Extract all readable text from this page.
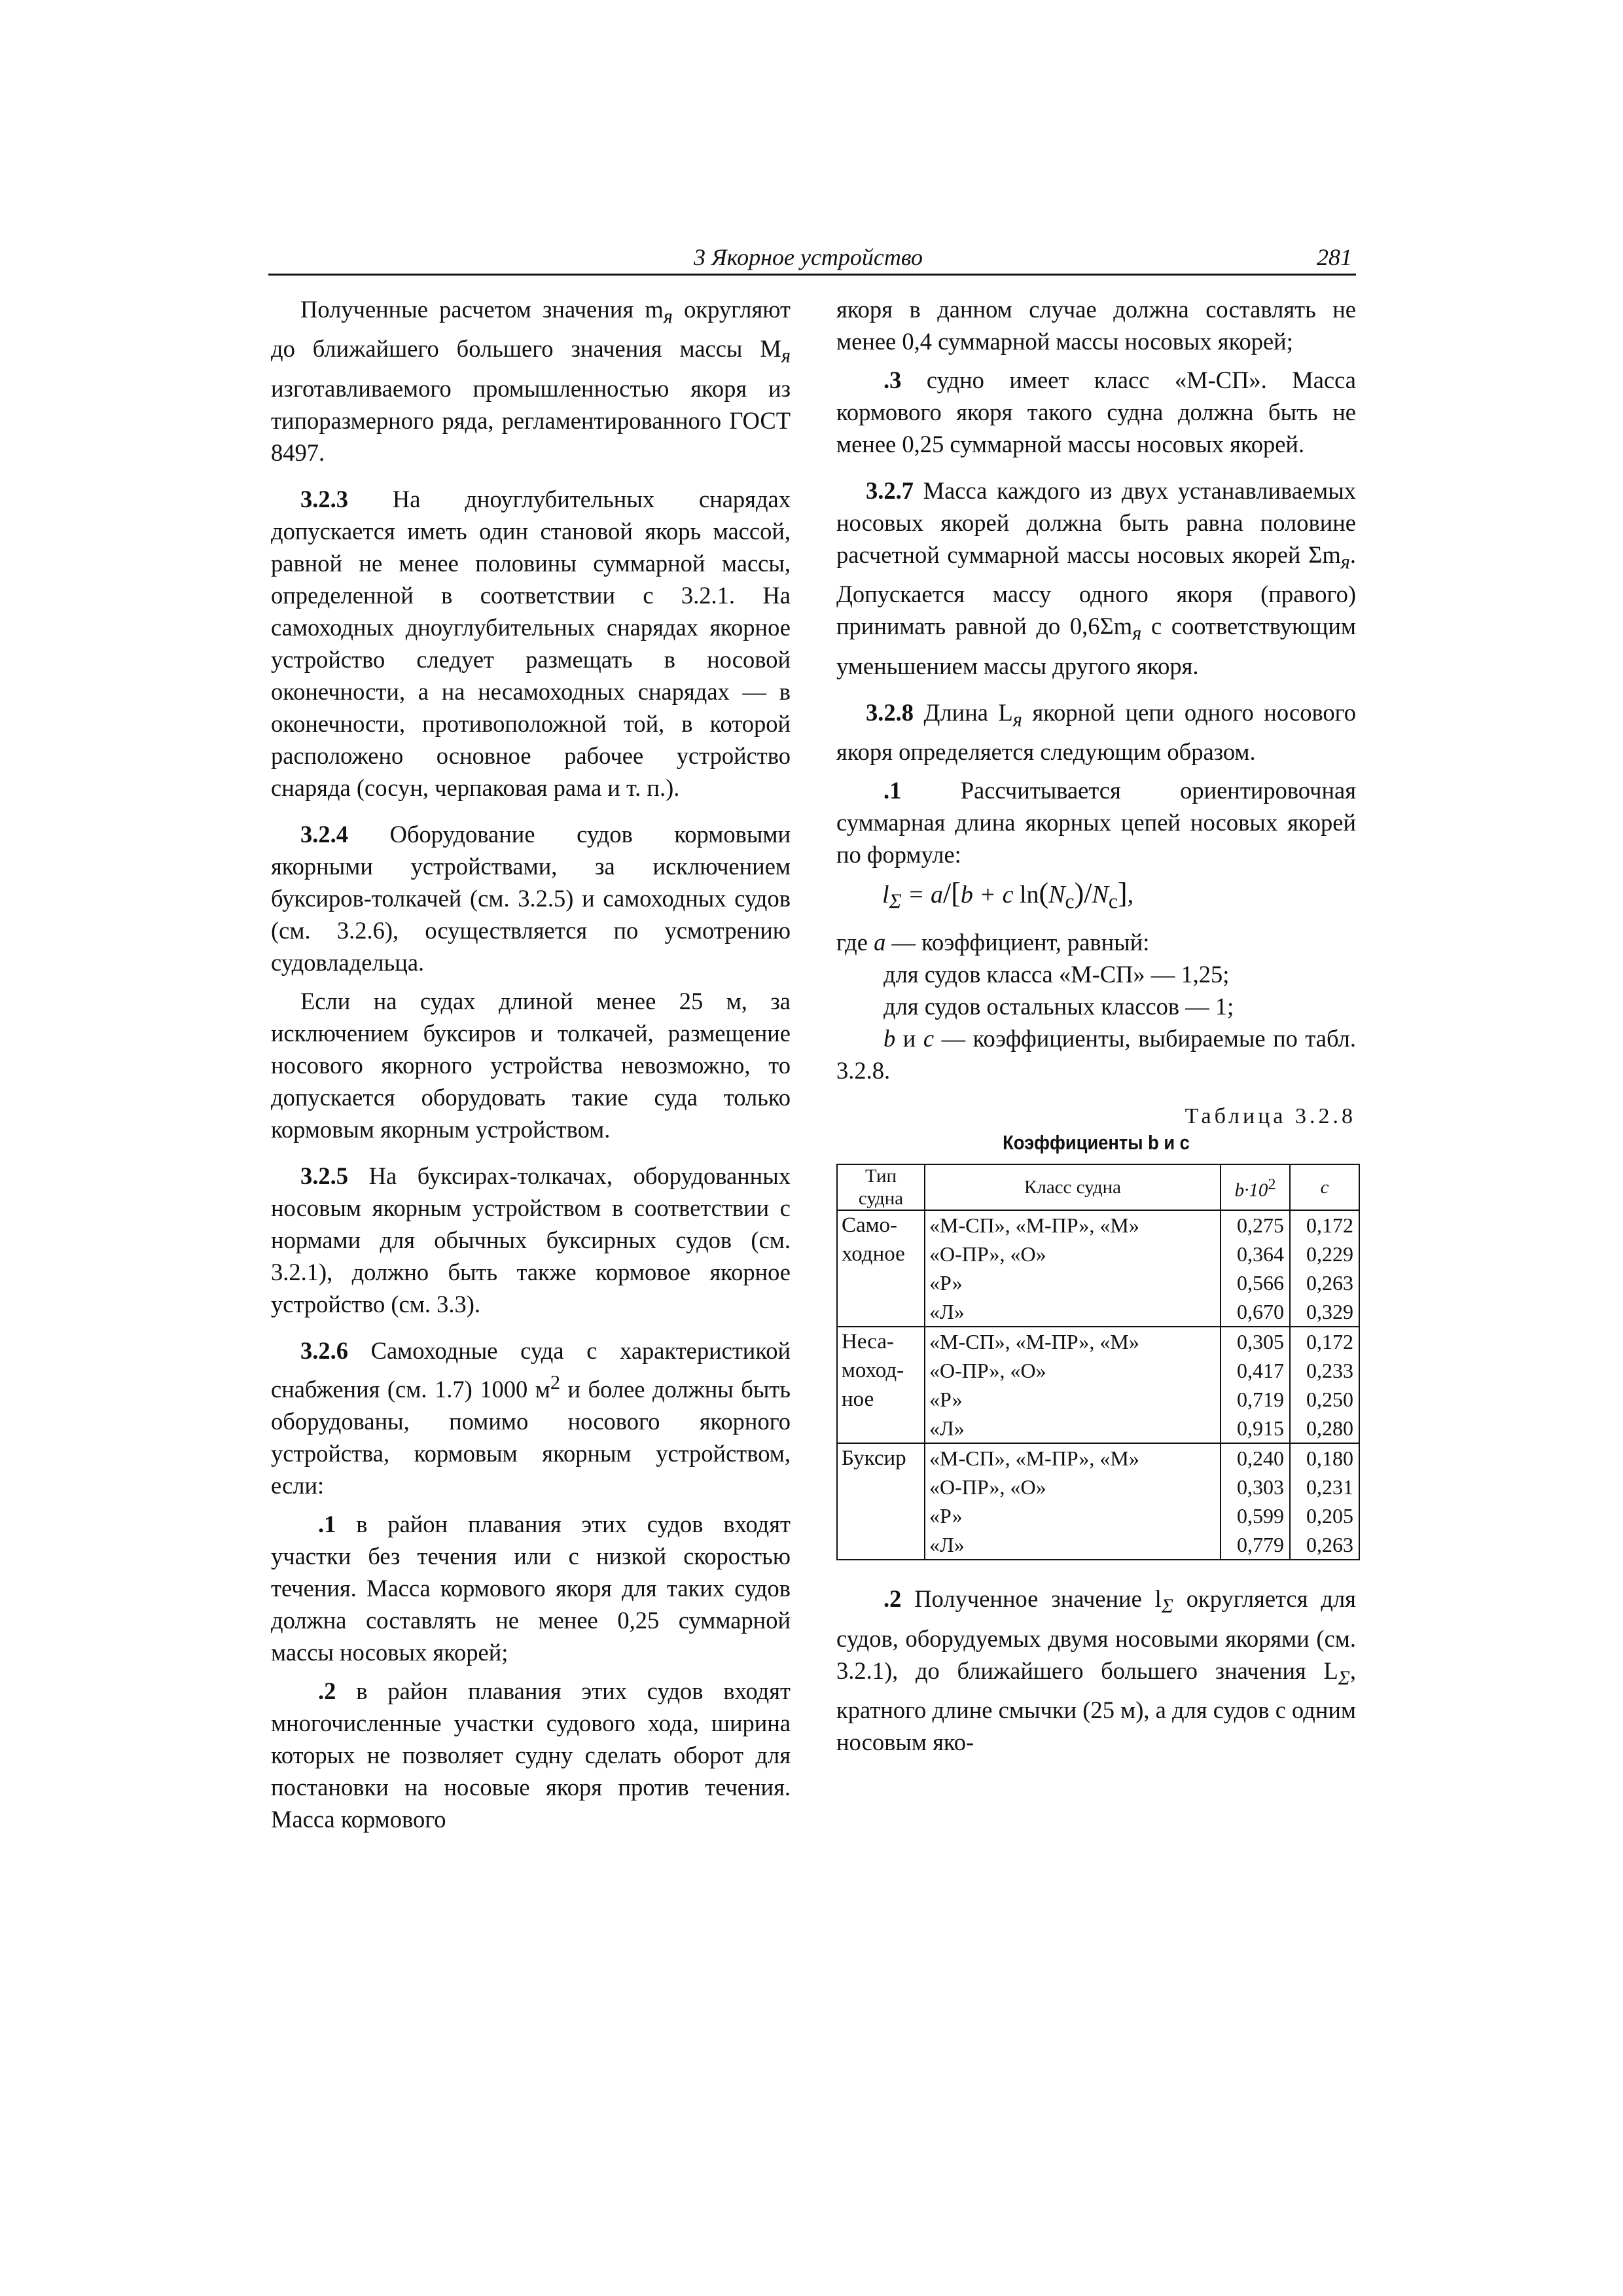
3 Якорное устройство	281

Полученные расчетом значения $m_я$ округляют до ближайшего большего значения массы $M_я$ изготавливаемого промышленностью якоря из типоразмерного ряда, регламентированного ГОСТ 8497.

3.2.3 На дноуглубительных снарядах допускается иметь один становой якорь массой, равной не менее половины суммарной массы, определенной в соответствии с 3.2.1. На самоходных дноуглубительных снарядах якорное устройство следует размещать в носовой оконечности, а на несамоходных снарядах — в оконечности, противоположной той, в которой расположено основное рабочее устройство снаряда (сосун, черпаковая рама и т. п.).

3.2.4 Оборудование судов кормовыми якорными устройствами, за исключением буксиров-толкачей (см. 3.2.5) и самоходных судов (см. 3.2.6), осуществляется по усмотрению судовладельца.

Если на судах длиной менее 25 м, за исключением буксиров и толкачей, размещение носового якорного устройства невозможно, то допускается оборудовать такие суда только кормовым якорным устройством.

3.2.5 На буксирах-толкачах, оборудованных носовым якорным устройством в соответствии с нормами для обычных буксирных судов (см. 3.2.1), должно быть также кормовое якорное устройство (см. 3.3).

3.2.6 Самоходные суда с характеристикой снабжения (см. 1.7) 1000 $м^2$ и более должны быть оборудованы, помимо носового якорного устройства, кормовым якорным устройством, если:

.1 в район плавания этих судов входят участки без течения или с низкой скоростью течения. Масса кормового якоря для таких судов должна составлять не менее 0,25 суммарной массы носовых якорей;

.2 в район плавания этих судов входят многочисленные участки судового хода, ширина которых не позволяет судну сделать оборот для постановки на носовые якоря против течения. Масса кормового

якоря в данном случае должна составлять не менее 0,4 суммарной массы носовых якорей;

.3 судно имеет класс «М-СП». Масса кормового якоря такого судна должна быть не менее 0,25 суммарной массы носовых якорей.

3.2.7 Масса каждого из двух устанавливаемых носовых якорей должна быть равна половине расчетной суммарной массы носовых якорей $\Sigma m_я$. Допускается массу одного якоря (правого) принимать равной до $0,6\Sigma m_я$ с соответствующим уменьшением массы другого якоря.

3.2.8 Длина $L_я$ якорной цепи одного носового якоря определяется следующим образом.

.1 Рассчитывается ориентировочная суммарная длина якорных цепей носовых якорей по формуле:

$l_\Sigma = a/[b + c$ $\ln(N_c)/N_c$],

где a — коэффициент, равный:

для судов класса «М-СП» — 1,25;

для судов остальных классов — 1;

b и c — коэффициенты, выбираемые по табл. 3.2.8.

Таблица 3.2.8
Коэффициенты b и c
Тип судна	Класс судна	$b\cdot 10^2$	c
Само-
ходное	«М-СП», «М-ПР», «М»	0,275	0,172
	«О-ПР», «О»	0,364	0,229
	«Р»	0,566	0,263
	«Л»	0,670	0,329
Неса-
моход-
ное	«М-СП», «М-ПР», «М»	0,305	0,172
	«О-ПР», «О»	0,417	0,233
	«Р»	0,719	0,250
	«Л»	0,915	0,280
Буксир	«М-СП», «М-ПР», «М»	0,240	0,180
	«О-ПР», «О»	0,303	0,231
	«Р»	0,599	0,205
	«Л»	0,779	0,263

.2 Полученное значение $l_\Sigma$ округляется для судов, оборудуемых двумя носовыми якорями (см. 3.2.1), до ближайшего большего значения $L_\Sigma$, кратного длине смычки (25 м), а для судов с одним носовым яко-
